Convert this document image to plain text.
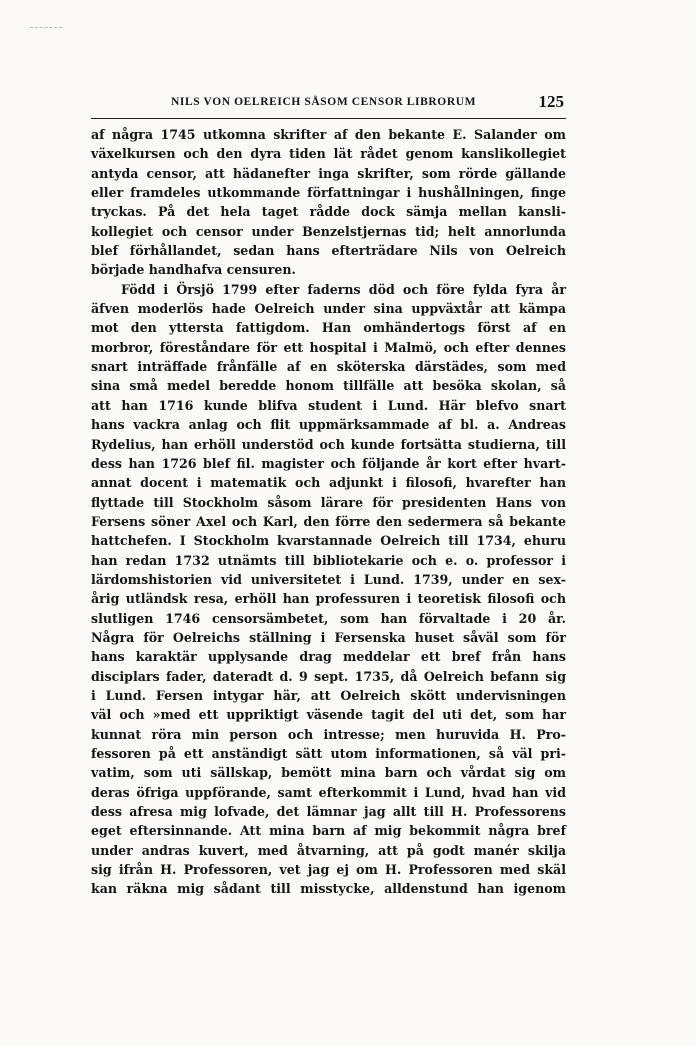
NILS VON OELREICH SÅSOM CENSOR LIBRORUM	125
af några 1745 utkomna skrifter af den bekante E. Salander om
växelkursen och den dyra tiden lät rådet genom kanslikollegiet
antyda censor, att hädanefter inga skrifter, som rörde gällande
eller framdeles utkommande författningar i hushållningen, finge
tryckas. På det hela taget rådde dock sämja mellan kansli-
kollegiet och censor under Benzelstjernas tid; helt annorlunda
blef förhållandet, sedan hans efterträdare Nils von Oelreich
började handhafva censuren.
Född i Örsjö 1799 efter faderns död och före fylda fyra år
äfven moderlös hade Oelreich under sina uppväxtår att kämpa
mot den yttersta fattigdom. Han omhändertogs först af en
morbror, föreståndare för ett hospital i Malmö, och efter dennes
snart inträffade frånfälle af en sköterska därstädes, som med
sina små medel beredde honom tillfälle att besöka skolan, så
att han 1716 kunde blifva student i Lund. Här blefvo snart
hans vackra anlag och flit uppmärksammade af bl. a. Andreas
Rydelius, han erhöll understöd och kunde fortsätta studierna, till
dess han 1726 blef fil. magister och följande år kort efter hvart-
annat docent i matematik och adjunkt i filosofi, hvarefter han
flyttade till Stockholm såsom lärare för presidenten Hans von
Fersens söner Axel och Karl, den förre den sedermera så bekante
hattchefen. I Stockholm kvarstannade Oelreich till 1734, ehuru
han redan 1732 utnämts till bibliotekarie och e. o. professor i
lärdomshistorien vid universitetet i Lund. 1739, under en sex-
årig utländsk resa, erhöll han professuren i teoretisk filosofi och
slutligen 1746 censorsämbetet, som han förvaltade i 20 år.
Några för Oelreichs ställning i Fersenska huset såväl som för
hans karaktär upplysande drag meddelar ett bref från hans
disciplars fader, dateradt d. 9 sept. 1735, då Oelreich befann sig
i Lund. Fersen intygar här, att Oelreich skött undervisningen
väl och »med ett uppriktigt väsende tagit del uti det, som har
kunnat röra min person och intresse; men huruvida H. Pro-
fessoren på ett anständigt sätt utom informationen, så väl pri-
vatim, som uti sällskap, bemött mina barn och vårdat sig om
deras öfriga uppförande, samt efterkommit i Lund, hvad han vid
dess afresa mig lofvade, det lämnar jag allt till H. Professorens
eget eftersinnande. Att mina barn af mig bekommit några bref
under andras kuvert, med åtvarning, att på godt manér skilja
sig ifrån H. Professoren, vet jag ej om H. Professoren med skäl
kan räkna mig sådant till misstycke, alldenstund han igenom
